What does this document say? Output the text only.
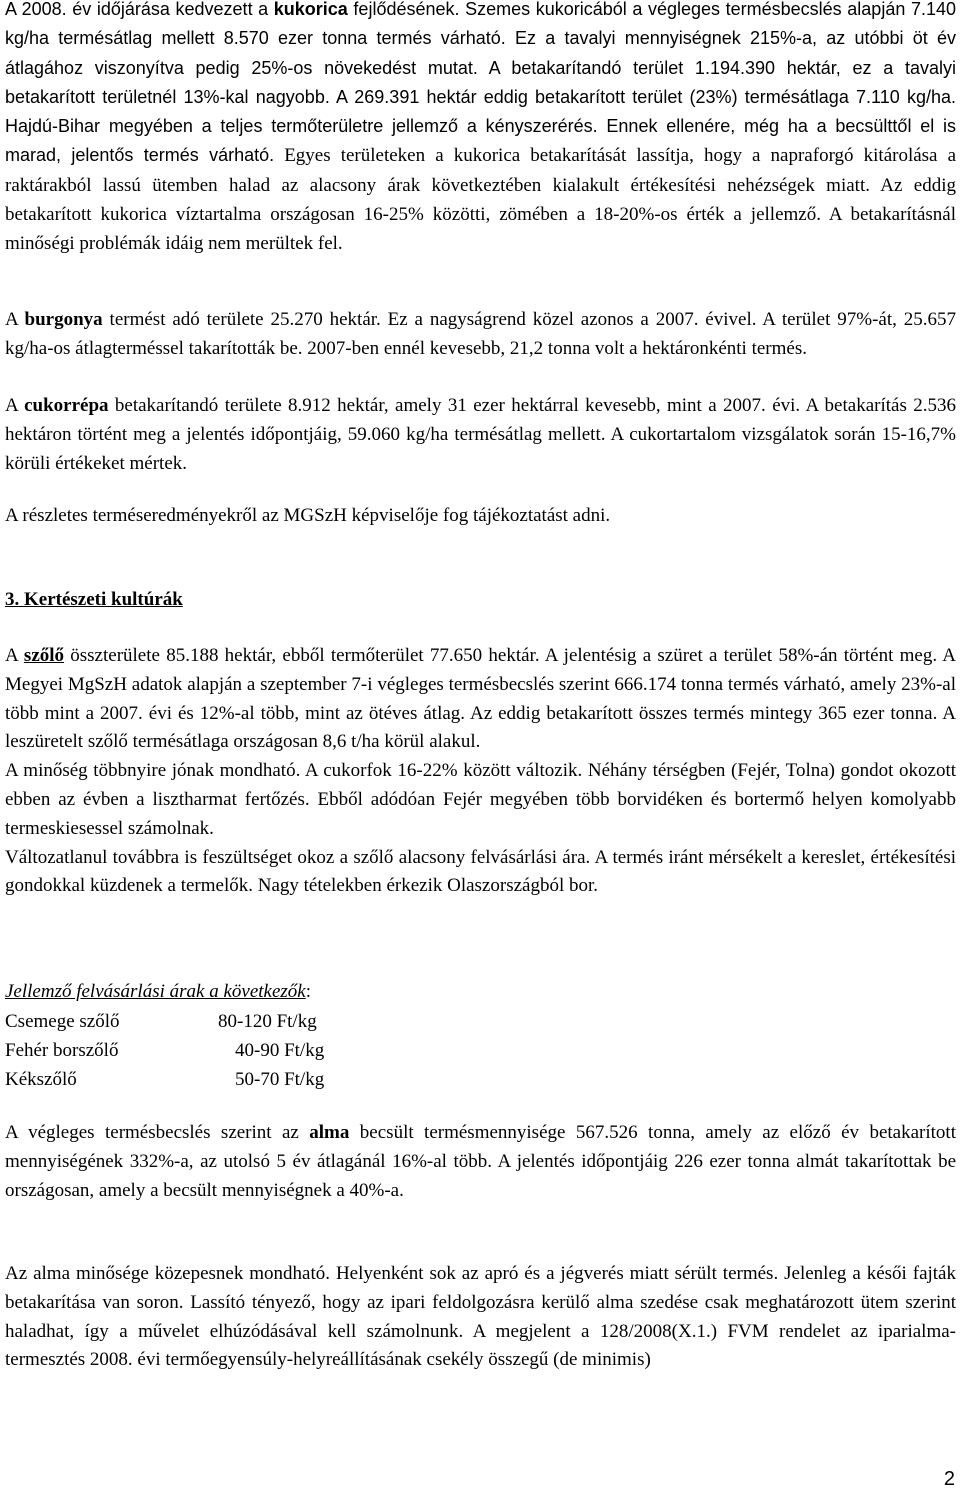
A 2008. év időjárása kedvezett a kukorica fejlődésének. Szemes kukoricából a végleges termésbecslés alapján 7.140 kg/ha termésátlag mellett 8.570 ezer tonna termés várható. Ez a tavalyi mennyiségnek 215%-a, az utóbbi öt év átlagához viszonyítva pedig 25%-os növekedést mutat. A betakarítandó terület 1.194.390 hektár, ez a tavalyi betakarított területnél 13%-kal nagyobb. A 269.391 hektár eddig betakarított terület (23%) termésátlaga 7.110 kg/ha. Hajdú-Bihar megyében a teljes termőterületre jellemző a kényszerérés. Ennek ellenére, még ha a becsülttől el is marad, jelentős termés várható. Egyes területeken a kukorica betakarítását lassítja, hogy a napraforgó kitárolása a raktárakból lassú ütemben halad az alacsony árak következtében kialakult értékesítési nehézségek miatt. Az eddig betakarított kukorica víztartalma országosan 16-25% közötti, zömében a 18-20%-os érték a jellemző. A betakarításnál minőségi problémák idáig nem merültek fel.

A burgonya termést adó területe 25.270 hektár. Ez a nagyságrend közel azonos a 2007. évivel. A terület 97%-át, 25.657 kg/ha-os átlagterméssel takarították be. 2007-ben ennél kevesebb, 21,2 tonna volt a hektáronkénti termés.

A cukorrépa betakarítandó területe 8.912 hektár, amely 31 ezer hektárral kevesebb, mint a 2007. évi. A betakarítás 2.536 hektáron történt meg a jelentés időpontjáig, 59.060 kg/ha termésátlag mellett. A cukortartalom vizsgálatok során 15-16,7% körüli értékeket mértek.

A részletes terméseredményekről az MGSzH képviselője fog tájékoztatást adni.

3. Kertészeti kultúrák

A szőlő összterülete 85.188 hektár, ebből termőterület 77.650 hektár. A jelentésig a szüret a terület 58%-án történt meg. A Megyei MgSzH adatok alapján a szeptember 7-i végleges termésbecslés szerint 666.174 tonna termés várható, amely 23%-al több mint a 2007. évi és 12%-al több, mint az ötéves átlag. Az eddig betakarított összes termés mintegy 365 ezer tonna. A leszüretelt szőlő termésátlaga országosan 8,6 t/ha körül alakul.
A minőség többnyire jónak mondható. A cukorfok 16-22% között változik. Néhány térségben (Fejér, Tolna) gondot okozott ebben az évben a lisztharmat fertőzés. Ebből adódóan Fejér megyében több borvidéken és bortermő helyen komolyabb termeskiesessel számolnak.
Változatlanul továbbra is feszültséget okoz a szőlő alacsony felvásárlási ára. A termés iránt mérsékelt a kereslet, értékesítési gondokkal küzdenek a termelők. Nagy tételekben érkezik Olaszországból bor.

Jellemző felvásárlási árak a következők:

Csemege szőlő	80-120 Ft/kg
Fehér borszőlő	40-90 Ft/kg
Kékszőlő	50-70 Ft/kg

A végleges termésbecslés szerint az alma becsült termésmennyisége 567.526 tonna, amely az előző év betakarított mennyiségének 332%-a, az utolsó 5 év átlagánál 16%-al több. A jelentés időpontjáig 226 ezer tonna almát takarítottak be országosan, amely a becsült mennyiségnek a 40%-a.

Az alma minősége közepesnek mondható. Helyenként sok az apró és a jégverés miatt sérült termés. Jelenleg a késői fajták betakarítása van soron. Lassító tényező, hogy az ipari feldolgozásra kerülő alma szedése csak meghatározott ütem szerint haladhat, így a művelet elhúzódásával kell számolnunk. A megjelent a 128/2008(X.1.) FVM rendelet az iparialma-termesztés 2008. évi termőegyensúly-helyreállításának csekély összegű (de minimis)

2
